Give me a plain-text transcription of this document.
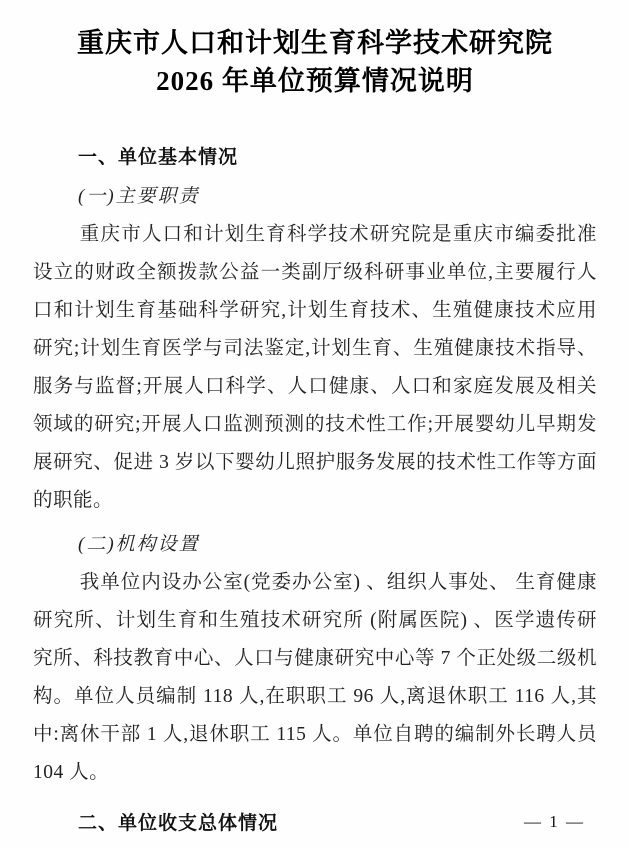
重庆市人口和计划生育科学技术研究院
2026 年单位预算情况说明
一、单位基本情况
(一)主要职责

重庆市人口和计划生育科学技术研究院是重庆市编委批准设立的财政全额拨款公益一类副厅级科研事业单位,主要履行人口和计划生育基础科学研究,计划生育技术、生殖健康技术应用研究;计划生育医学与司法鉴定,计划生育、生殖健康技术指导、服务与监督;开展人口科学、人口健康、人口和家庭发展及相关领域的研究;开展人口监测预测的技术性工作;开展婴幼儿早期发展研究、促进 3 岁以下婴幼儿照护服务发展的技术性工作等方面的职能。

(二)机构设置

我单位内设办公室(党委办公室) 、组织人事处、 生育健康研究所、计划生育和生殖技术研究所 (附属医院) 、医学遗传研究所、科技教育中心、人口与健康研究中心等 7 个正处级二级机构。单位人员编制 118 人,在职职工 96 人,离退休职工 116 人,其中:离休干部 1 人,退休职工 115 人。单位自聘的编制外长聘人员 104 人。

二、单位收支总体情况	— 1 —
